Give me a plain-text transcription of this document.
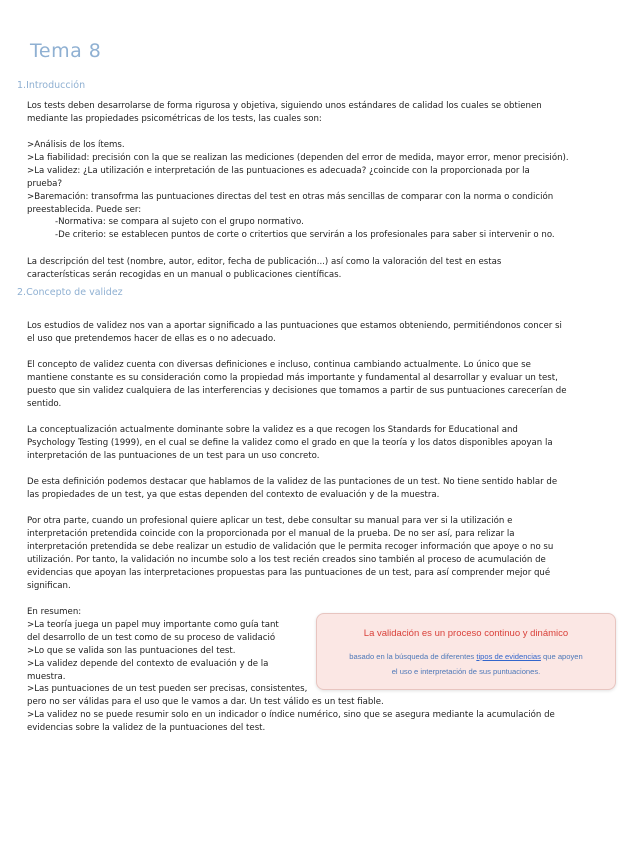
Tema 8
1.Introducción
Los tests deben desarrolarse de forma rigurosa y objetiva, siguiendo unos estándares de calidad los cuales se obtienen
mediante las propiedades psicométricas de los tests, las cuales son:
>Análisis de los ítems.
>La fiabilidad: precisión con la que se realizan las mediciones (dependen del error de medida, mayor error, menor precisión).
>La validez: ¿La utilización e interpretación de las puntuaciones es adecuada? ¿coincide con la proporcionada por la
prueba?
>Baremación: transofrma las puntuaciones directas del test en otras más sencillas de comparar con la norma o condición
preestablecida. Puede ser:
-Normativa: se compara al sujeto con el grupo normativo.
-De criterio: se establecen puntos de corte o critertios que servirán a los profesionales para saber si intervenir o no.
La descripción del test (nombre, autor, editor, fecha de publicación...) así como la valoración del test en estas
características serán recogidas en un manual o publicaciones científicas.
2.Concepto de validez
Los estudios de validez nos van a aportar significado a las puntuaciones que estamos obteniendo, permitiéndonos concer si
el uso que pretendemos hacer de ellas es o no adecuado.
El concepto de validez cuenta con diversas definiciones e incluso, continua cambiando actualmente. Lo único que se
mantiene constante es su consideración como la propiedad más importante y fundamental al desarrollar y evaluar un test,
puesto que sin validez cualquiera de las interferencias y decisiones que tomamos a partir de sus puntuaciones carecerían de
sentido.
La conceptualización actualmente dominante sobre la validez es a que recogen los Standards for Educational and
Psychology Testing (1999), en el cual se define la validez como el grado en que la teoría y los datos disponibles apoyan la
interpretación de las puntuaciones de un test para un uso concreto.
De esta definición podemos destacar que hablamos de la validez de las puntaciones de un test. No tiene sentido hablar de
las propiedades de un test, ya que estas dependen del contexto de evaluación y de la muestra.
Por otra parte, cuando un profesional quiere aplicar un test, debe consultar su manual para ver si la utilización e
interpretación pretendida coincide con la proporcionada por el manual de la prueba. De no ser así, para relizar la
interpretación pretendida se debe realizar un estudio de validación que le permita recoger información que apoye o no su
utilización. Por tanto, la validación no incumbe solo a los test recién creados sino también al proceso de acumulación de
evidencias que apoyan las interpretaciones propuestas para las puntuaciones de un test, para así comprender mejor qué
significan.
En resumen:
>La teoría juega un papel muy importante como guía tant
del desarrollo de un test como de su proceso de validació
>Lo que se valida son las puntuaciones del test.
>La validez depende del contexto de evaluación y de la
muestra.
>Las puntuaciones de un test pueden ser precisas, consistentes,
pero no ser válidas para el uso que le vamos a dar. Un test válido es un test fiable.
>La validez no se puede resumir solo en un indicador o índice numérico, sino que se asegura mediante la acumulación de
evidencias sobre la validez de la puntuaciones del test.
La validación es un proceso continuo y dinámico
basado en la búsqueda de diferentes tipos de evidencias que apoyen
el uso e interpretación de sus puntuaciones.
